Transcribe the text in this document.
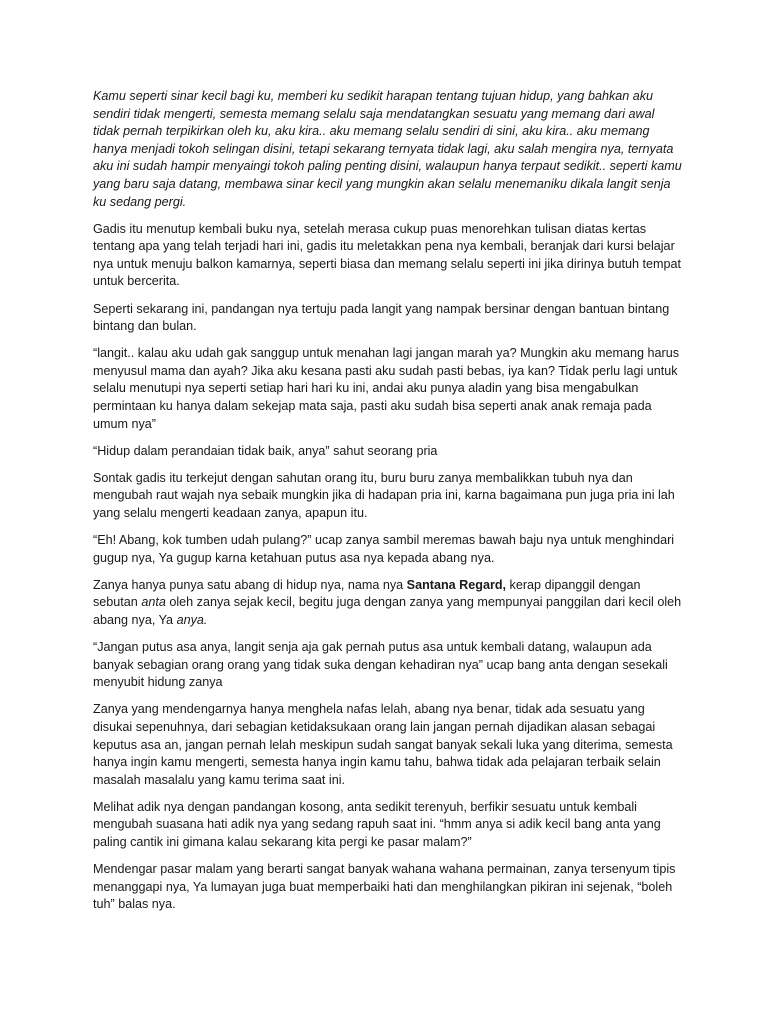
Kamu seperti sinar kecil bagi ku, memberi ku sedikit harapan tentang tujuan hidup, yang bahkan aku sendiri tidak mengerti, semesta memang selalu saja mendatangkan sesuatu yang memang dari awal tidak pernah terpikirkan oleh ku, aku kira.. aku memang selalu sendiri di sini, aku kira.. aku memang hanya menjadi tokoh selingan disini, tetapi sekarang ternyata tidak lagi, aku salah mengira nya, ternyata aku ini sudah hampir menyaingi tokoh paling penting disini, walaupun hanya terpaut sedikit.. seperti kamu yang baru saja datang, membawa sinar kecil yang mungkin akan selalu menemaniku dikala langit senja ku sedang pergi.

Gadis itu menutup kembali buku nya, setelah merasa cukup puas menorehkan tulisan diatas kertas tentang apa yang telah terjadi hari ini, gadis itu meletakkan pena nya kembali, beranjak dari kursi belajar nya untuk menuju balkon kamarnya, seperti biasa dan memang selalu seperti ini jika dirinya butuh tempat untuk bercerita.

Seperti sekarang ini, pandangan nya tertuju pada langit yang nampak bersinar dengan bantuan bintang bintang dan bulan.

“langit.. kalau aku udah gak sanggup untuk menahan lagi jangan marah ya? Mungkin aku memang harus menyusul mama dan ayah? Jika aku kesana pasti aku sudah pasti bebas, iya kan? Tidak perlu lagi untuk selalu menutupi nya seperti setiap hari hari ku ini, andai aku punya aladin yang bisa mengabulkan permintaan ku hanya dalam sekejap mata saja, pasti aku sudah bisa seperti anak anak remaja pada umum nya”

“Hidup dalam perandaian tidak baik, anya” sahut seorang pria

Sontak gadis itu terkejut dengan sahutan orang itu, buru buru zanya membalikkan tubuh nya dan mengubah raut wajah nya sebaik mungkin jika di hadapan pria ini, karna bagaimana pun juga pria ini lah yang selalu mengerti keadaan zanya, apapun itu.

“Eh! Abang, kok tumben udah pulang?” ucap zanya sambil meremas bawah baju nya untuk menghindari gugup nya, Ya gugup karna ketahuan putus asa nya kepada abang nya.

Zanya hanya punya satu abang di hidup nya, nama nya Santana Regard, kerap dipanggil dengan sebutan anta oleh zanya sejak kecil, begitu juga dengan zanya yang mempunyai panggilan dari kecil oleh abang nya, Ya anya.

“Jangan putus asa anya, langit senja aja gak pernah putus asa untuk kembali datang, walaupun ada banyak sebagian orang orang yang tidak suka dengan kehadiran nya” ucap bang anta dengan sesekali menyubit hidung zanya

Zanya yang mendengarnya hanya menghela nafas lelah, abang nya benar, tidak ada sesuatu yang disukai sepenuhnya, dari sebagian ketidaksukaan orang lain jangan pernah dijadikan alasan sebagai keputus asa an, jangan pernah lelah meskipun sudah sangat banyak sekali luka yang diterima, semesta hanya ingin kamu mengerti, semesta hanya ingin kamu tahu, bahwa tidak ada pelajaran terbaik selain masalah masalalu yang kamu terima saat ini.

Melihat adik nya dengan pandangan kosong, anta sedikit terenyuh, berfikir sesuatu untuk kembali mengubah suasana hati adik nya yang sedang rapuh saat ini. “hmm anya si adik kecil bang anta yang paling cantik ini gimana kalau sekarang kita pergi ke pasar malam?”

Mendengar pasar malam yang berarti sangat banyak wahana wahana permainan, zanya tersenyum tipis menanggapi nya, Ya lumayan juga buat memperbaiki hati dan menghilangkan pikiran ini sejenak, “boleh tuh” balas nya.
